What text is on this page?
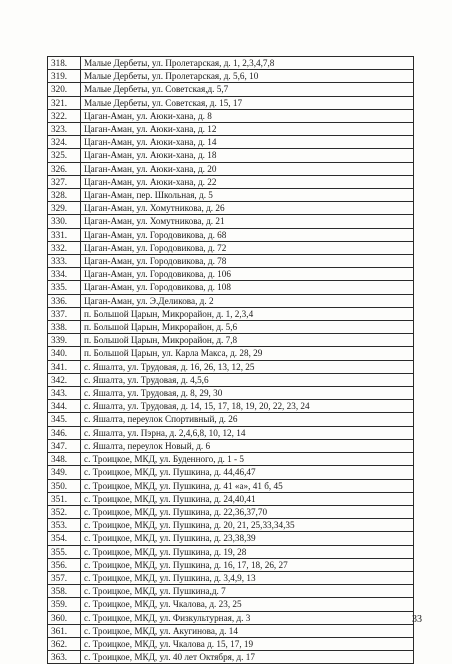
318.	Малые Дербеты, ул. Пролетарская, д. 1, 2,3,4,7,8
319.	Малые Дербеты, ул. Пролетарская, д. 5,6, 10
320.	Малые Дербеты, ул. Советская,д. 5,7
321.	Малые Дербеты, ул. Советская, д. 15, 17
322.	Цаган-Аман, ул. Аюки-хана, д. 8
323.	Цаган-Аман, ул. Аюки-хана, д. 12
324.	Цаган-Аман, ул. Аюки-хана, д. 14
325.	Цаган-Аман, ул. Аюки-хана, д. 18
326.	Цаган-Аман, ул. Аюки-хана, д. 20
327.	Цаган-Аман, ул. Аюки-хана, д. 22
328.	Цаган-Аман, пер. Школьная, д. 5
329.	Цаган-Аман, ул. Хомутникова, д. 26
330.	Цаган-Аман, ул. Хомутникова, д. 21
331.	Цаган-Аман, ул. Городовикова, д. 68
332.	Цаган-Аман, ул. Городовикова, д. 72
333.	Цаган-Аман, ул. Городовикова, д. 78
334.	Цаган-Аман, ул. Городовикова, д. 106
335.	Цаган-Аман, ул. Городовикова, д. 108
336.	Цаган-Аман, ул. Э.Деликова, д. 2
337.	п. Большой Царын, Микрорайон, д. 1, 2,3,4
338.	п. Большой Царын, Микрорайон, д. 5,6
339.	п. Большой Царын, Микрорайон, д. 7,8
340.	п. Большой Царын, ул. Карла Макса, д. 28, 29
341.	с. Яшалта, ул. Трудовая, д. 16, 26, 13, 12, 25
342.	с. Яшалта, ул. Трудовая, д. 4,5,6
343.	с. Яшалта, ул. Трудовая, д. 8, 29, 30
344.	с. Яшалта, ул. Трудовая, д. 14, 15, 17, 18, 19, 20, 22, 23, 24
345.	с. Яшалта, переулок Спортивный, д. 26
346.	с. Яшалта, ул. Пэрна, д. 2,4,6,8, 10, 12, 14
347.	с. Яшалта, переулок Новый, д. 6
348.	с. Троицкое, МКД, ул. Буденного, д. 1 - 5
349.	с. Троицкое, МКД, ул. Пушкина, д. 44,46,47
350.	с. Троицкое, МКД, ул. Пушкина, д. 41 «а», 41 б, 45
351.	с. Троицкое, МКД, ул. Пушкина, д. 24,40,41
352.	с. Троицкое, МКД, ул. Пушкина, д. 22,36,37,70
353.	с. Троицкое, МКД, ул. Пушкина, д. 20, 21, 25,33,34,35
354.	с. Троицкое, МКД, ул. Пушкина, д. 23,38,39
355.	с. Троицкое, МКД, ул. Пушкина, д. 19, 28
356.	с. Троицкое, МКД, ул. Пушкина, д. 16, 17, 18, 26, 27
357.	с. Троицкое, МКД, ул. Пушкина, д. 3,4,9, 13
358.	с. Троицкое, МКД, ул. Пушкина,д. 7
359.	с. Троицкое, МКД, ул. Чкалова, д. 23, 25
360.	с. Троицкое, МКД, ул. Физкультурная, д. 3
361.	с. Троицкое, МКД, ул. Акугинова, д. 14
362.	с. Троицкое, МКД, ул. Чкалова д. 15, 17, 19
363.	с. Троицкое, МКД, ул. 40 лет Октября, д. 17
33
